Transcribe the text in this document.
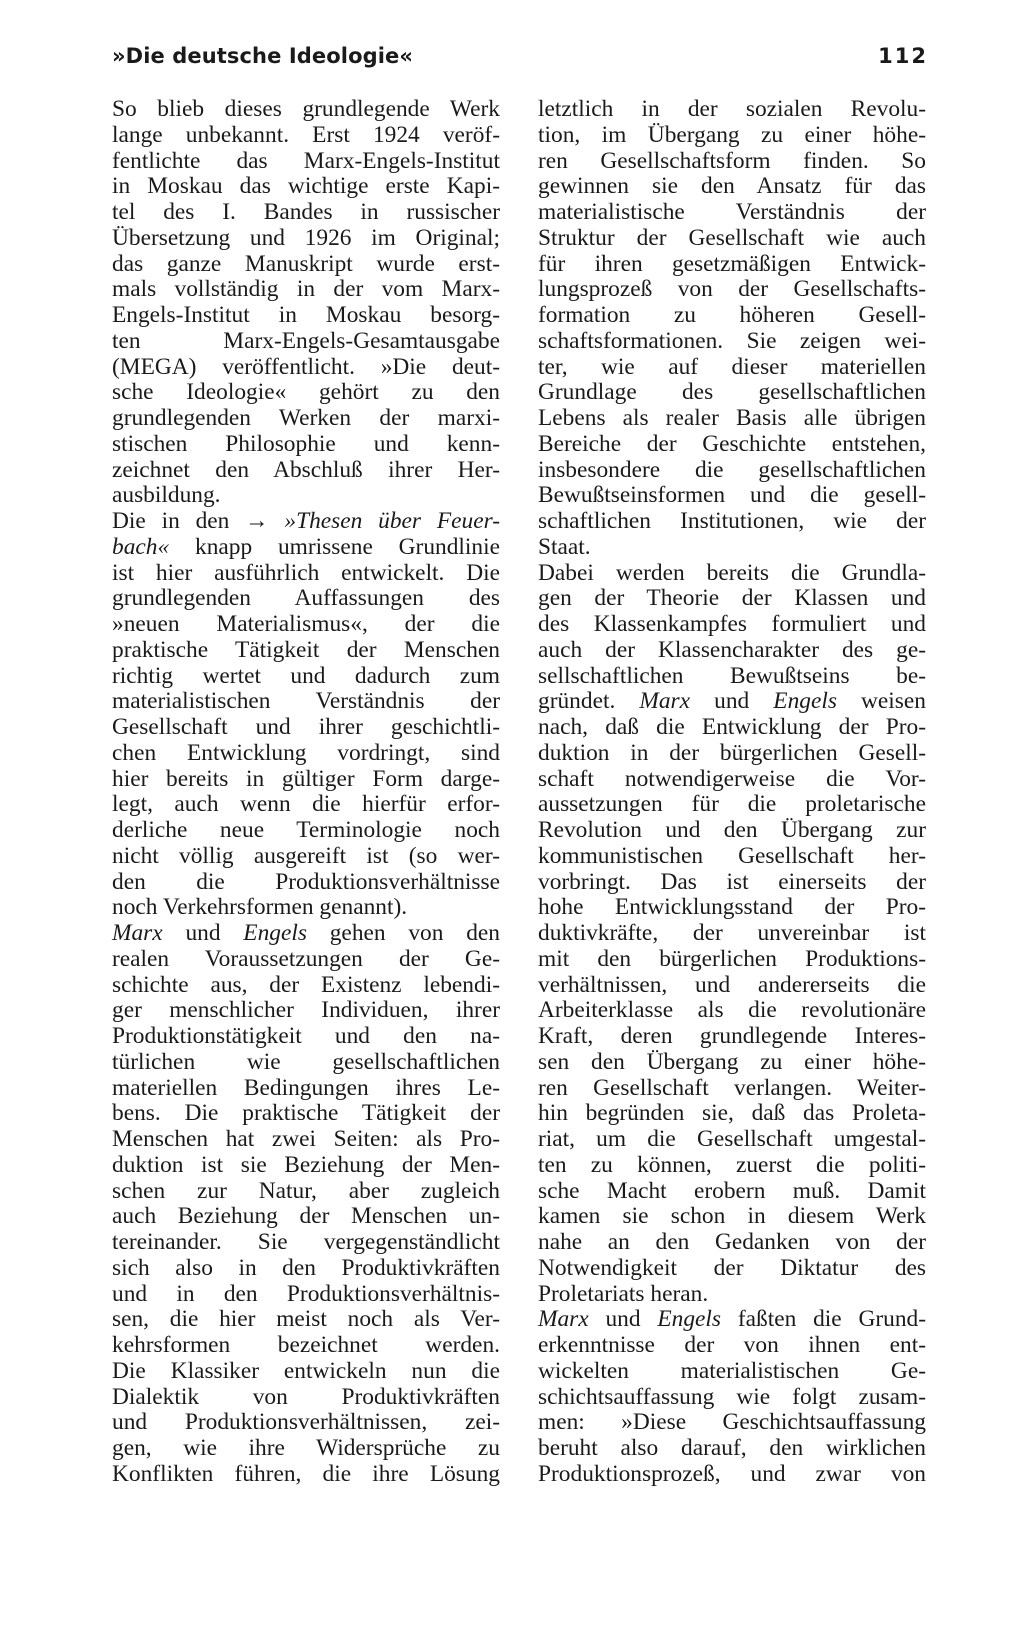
»Die deutsche Ideologie«	112
So blieb dieses grundlegende Werk
lange unbekannt. Erst 1924 veröf-
fentlichte das Marx-Engels-Institut
in Moskau das wichtige erste Kapi-
tel des I. Bandes in russischer
Übersetzung und 1926 im Original;
das ganze Manuskript wurde erst-
mals vollständig in der vom Marx-
Engels-Institut in Moskau besorg-
ten Marx-Engels-Gesamtausgabe
(MEGA) veröffentlicht. »Die deut-
sche Ideologie« gehört zu den
grundlegenden Werken der marxi-
stischen Philosophie und kenn-
zeichnet den Abschluß ihrer Her-
ausbildung.
Die in den → »Thesen über Feuer-
bach« knapp umrissene Grundlinie
ist hier ausführlich entwickelt. Die
grundlegenden Auffassungen des
»neuen Materialismus«, der die
praktische Tätigkeit der Menschen
richtig wertet und dadurch zum
materialistischen Verständnis der
Gesellschaft und ihrer geschichtli-
chen Entwicklung vordringt, sind
hier bereits in gültiger Form darge-
legt, auch wenn die hierfür erfor-
derliche neue Terminologie noch
nicht völlig ausgereift ist (so wer-
den die Produktionsverhältnisse
noch Verkehrsformen genannt).
Marx und Engels gehen von den
realen Voraussetzungen der Ge-
schichte aus, der Existenz lebendi-
ger menschlicher Individuen, ihrer
Produktionstätigkeit und den na-
türlichen wie gesellschaftlichen
materiellen Bedingungen ihres Le-
bens. Die praktische Tätigkeit der
Menschen hat zwei Seiten: als Pro-
duktion ist sie Beziehung der Men-
schen zur Natur, aber zugleich
auch Beziehung der Menschen un-
tereinander. Sie vergegenständlicht
sich also in den Produktivkräften
und in den Produktionsverhältnis-
sen, die hier meist noch als Ver-
kehrsformen bezeichnet werden.
Die Klassiker entwickeln nun die
Dialektik von Produktivkräften
und Produktionsverhältnissen, zei-
gen, wie ihre Widersprüche zu
Konflikten führen, die ihre Lösung
letztlich in der sozialen Revolu-
tion, im Übergang zu einer höhe-
ren Gesellschaftsform finden. So
gewinnen sie den Ansatz für das
materialistische Verständnis der
Struktur der Gesellschaft wie auch
für ihren gesetzmäßigen Entwick-
lungsprozeß von der Gesellschafts-
formation zu höheren Gesell-
schaftsformationen. Sie zeigen wei-
ter, wie auf dieser materiellen
Grundlage des gesellschaftlichen
Lebens als realer Basis alle übrigen
Bereiche der Geschichte entstehen,
insbesondere die gesellschaftlichen
Bewußtseinsformen und die gesell-
schaftlichen Institutionen, wie der
Staat.
Dabei werden bereits die Grundla-
gen der Theorie der Klassen und
des Klassenkampfes formuliert und
auch der Klassencharakter des ge-
sellschaftlichen Bewußtseins be-
gründet. Marx und Engels weisen
nach, daß die Entwicklung der Pro-
duktion in der bürgerlichen Gesell-
schaft notwendigerweise die Vor-
aussetzungen für die proletarische
Revolution und den Übergang zur
kommunistischen Gesellschaft her-
vorbringt. Das ist einerseits der
hohe Entwicklungsstand der Pro-
duktivkräfte, der unvereinbar ist
mit den bürgerlichen Produktions-
verhältnissen, und andererseits die
Arbeiterklasse als die revolutionäre
Kraft, deren grundlegende Interes-
sen den Übergang zu einer höhe-
ren Gesellschaft verlangen. Weiter-
hin begründen sie, daß das Proleta-
riat, um die Gesellschaft umgestal-
ten zu können, zuerst die politi-
sche Macht erobern muß. Damit
kamen sie schon in diesem Werk
nahe an den Gedanken von der
Notwendigkeit der Diktatur des
Proletariats heran.
Marx und Engels faßten die Grund-
erkenntnisse der von ihnen ent-
wickelten materialistischen Ge-
schichtsauffassung wie folgt zusam-
men: »Diese Geschichtsauffassung
beruht also darauf, den wirklichen
Produktionsprozeß, und zwar von
